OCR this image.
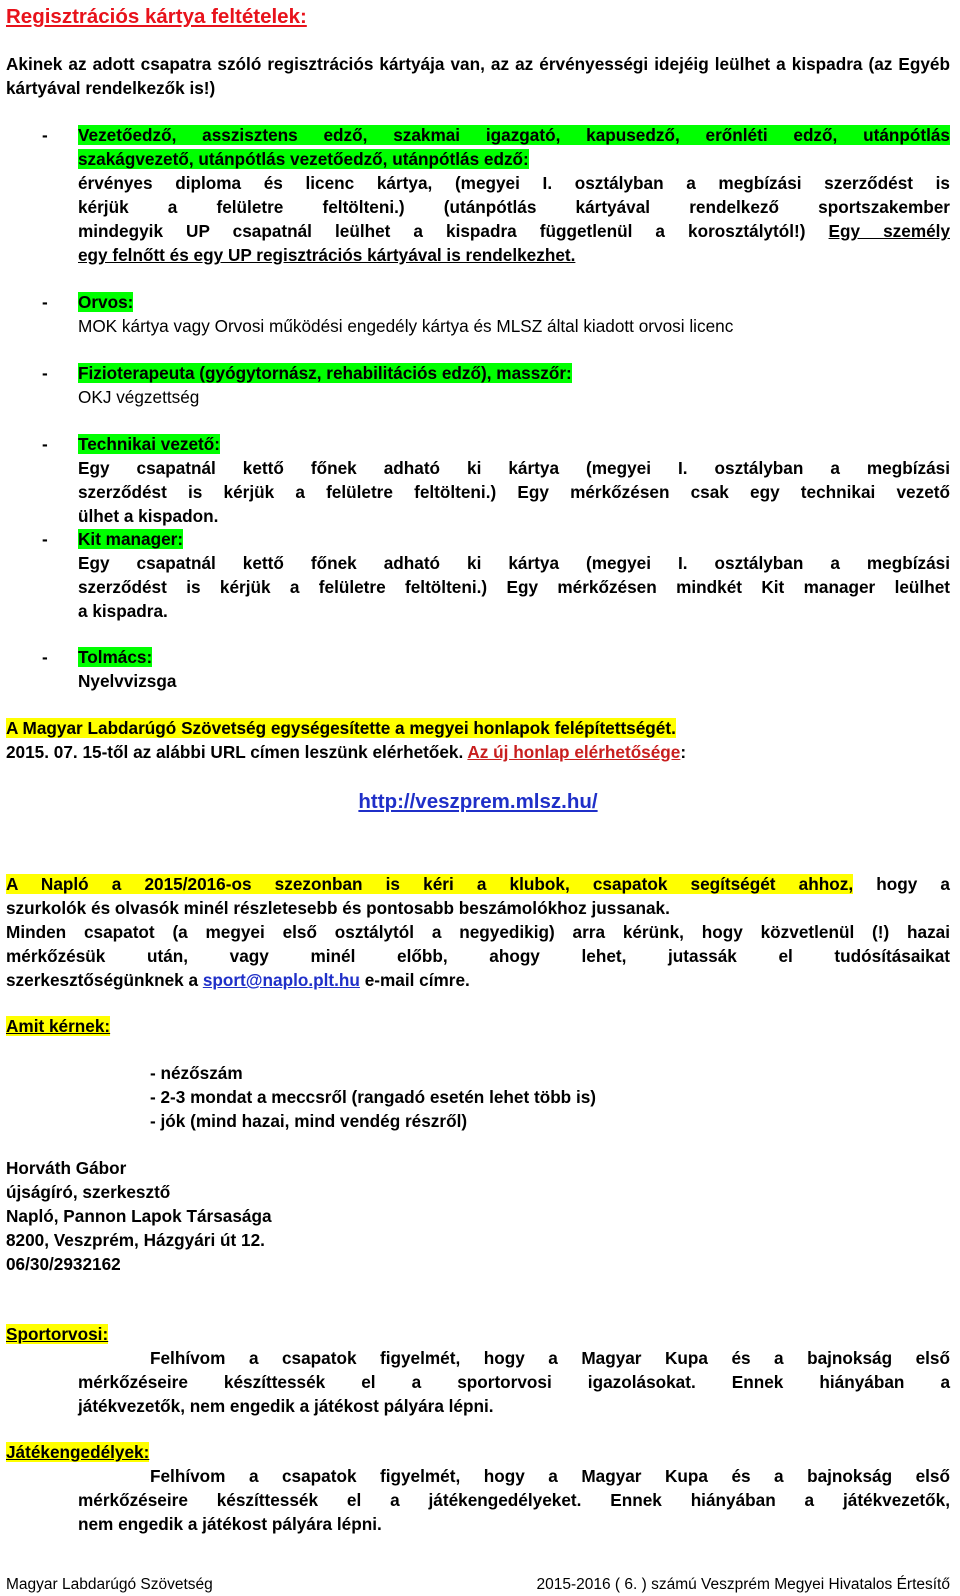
Regisztrációs kártya feltételek:
Akinek az adott csapatra szóló regisztrációs kártyája van, az az érvényességi idejéig leülhet a kispadra (az Egyéb kártyával rendelkezők is!)
- Vezetőedző, asszisztens edző, szakmai igazgató, kapusedző, erőnléti edző, utánpótlás

szakágvezető, utánpótlás vezetőedző, utánpótlás edző:

érvényes diploma és licenc kártya, (megyei I. osztályban a megbízási szerződést is

kérjük a felületre feltölteni.) (utánpótlás kártyával rendelkező sportszakember

mindegyik UP csapatnál leülhet a kispadra függetlenül a korosztálytól!) Egy személy

egy felnőtt és egy UP regisztrációs kártyával is rendelkezhet.

- Orvos:

MOK kártya vagy Orvosi működési engedély kártya és MLSZ által kiadott orvosi licenc

- Fizioterapeuta (gyógytornász, rehabilitációs edző), masszőr:

OKJ végzettség

- Technikai vezető:

Egy csapatnál kettő főnek adható ki kártya (megyei I. osztályban a megbízási

szerződést is kérjük a felületre feltölteni.) Egy mérkőzésen csak egy technikai vezető

ülhet a kispadon.

- Kit manager:

Egy csapatnál kettő főnek adható ki kártya (megyei I. osztályban a megbízási

szerződést is kérjük a felületre feltölteni.) Egy mérkőzésen mindkét Kit manager leülhet

a kispadra.

- Tolmács:

Nyelvvizsga

A Magyar Labdarúgó Szövetség egységesítette a megyei honlapok felépítettségét.

2015. 07. 15-től az alábbi URL címen leszünk elérhetőek. Az új honlap elérhetősége:

http://veszprem.mlsz.hu/

A Napló a 2015/2016-os szezonban is kéri a klubok, csapatok segítségét ahhoz, hogy a

szurkolók és olvasók minél részletesebb és pontosabb beszámolókhoz jussanak.

Minden csapatot (a megyei első osztálytól a negyedikig) arra kérünk, hogy közvetlenül (!) hazai

mérkőzésük után, vagy minél előbb, ahogy lehet, jutassák el tudósításaikat

szerkesztőségünknek a sport@naplo.plt.hu e-mail címre.

Amit kérnek:

- nézőszám

- 2-3 mondat a meccsről (rangadó esetén lehet több is)

- jók (mind hazai, mind vendég részről)

Horváth Gábor

újságíró, szerkesztő

Napló, Pannon Lapok Társasága

8200, Veszprém, Házgyári út 12.

06/30/2932162

Sportorvosi:

Felhívom a csapatok figyelmét, hogy a Magyar Kupa és a bajnokság első

mérkőzéseire készíttessék el a sportorvosi igazolásokat. Ennek hiányában a

játékvezetők, nem engedik a játékost pályára lépni.

Játékengedélyek:

Felhívom a csapatok figyelmét, hogy a Magyar Kupa és a bajnokság első

mérkőzéseire készíttessék el a játékengedélyeket. Ennek hiányában a játékvezetők,

nem engedik a játékost pályára lépni.

Magyar Labdarúgó Szövetség	2015-2016 ( 6. ) számú Veszprém Megyei Hivatalos Értesítő
